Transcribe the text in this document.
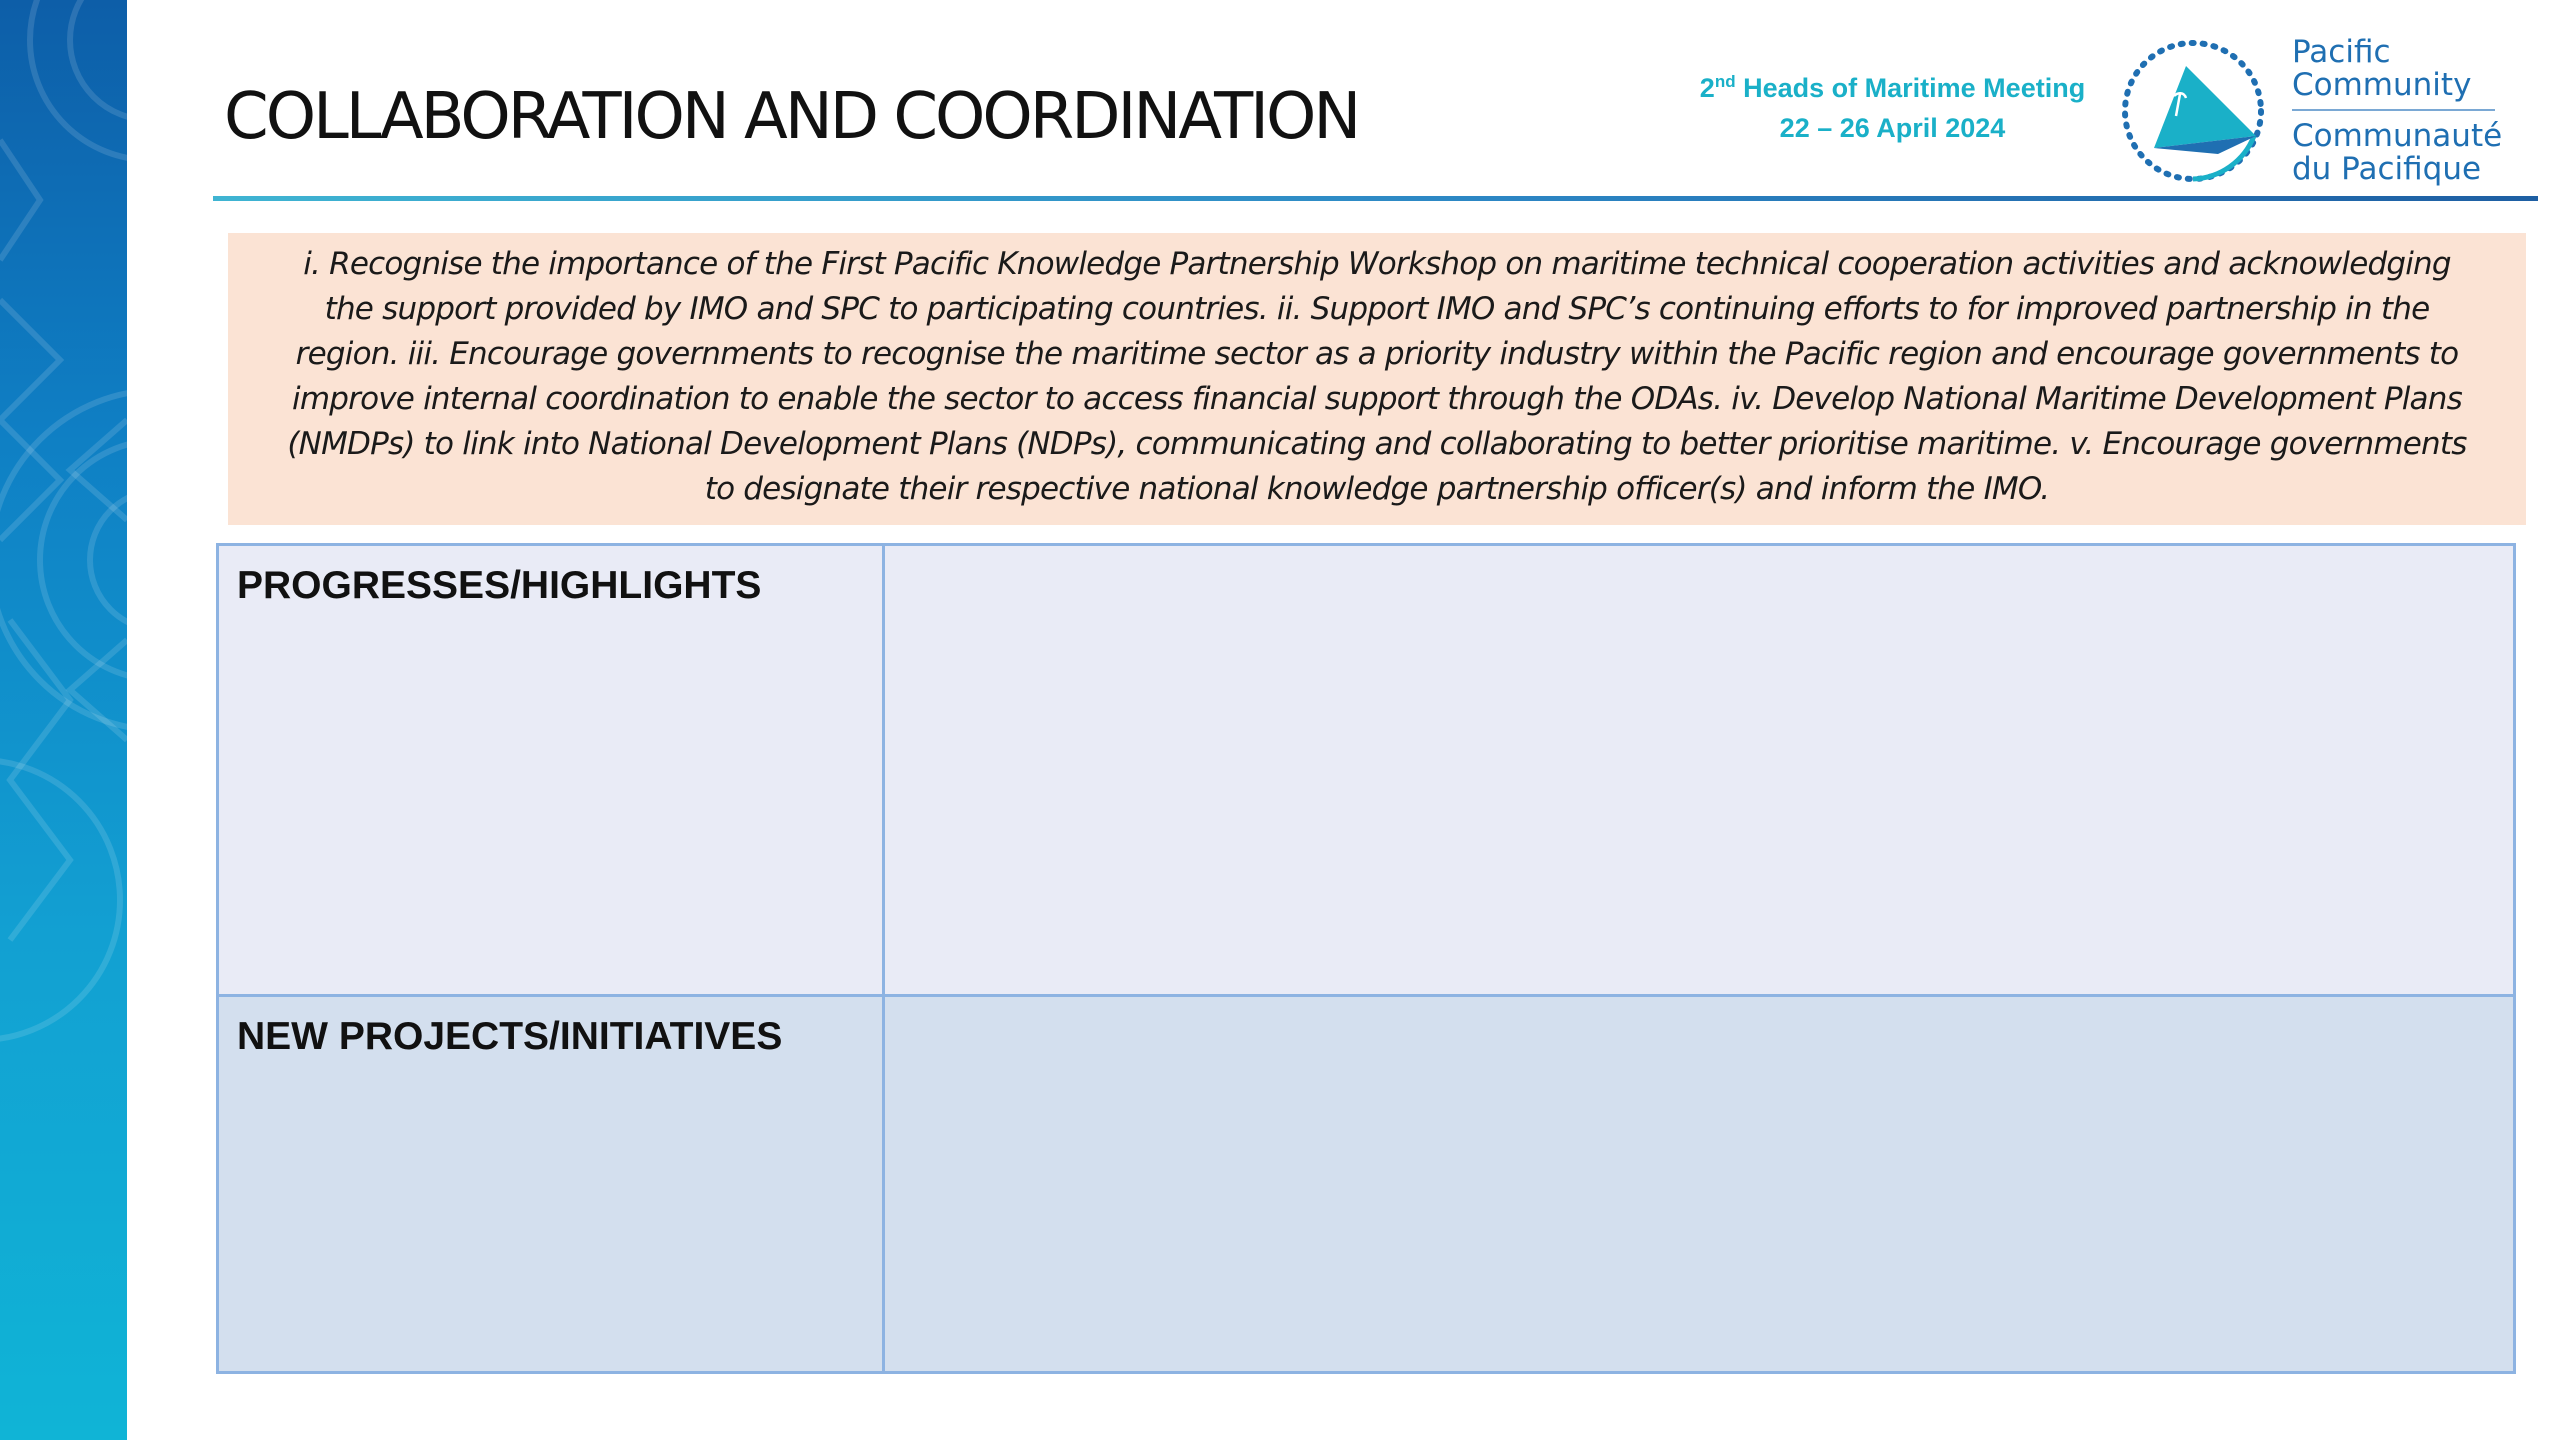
COLLABORATION AND COORDINATION	2nd Heads of Maritime Meeting
22 – 26 April 2024
Pacific
Community
Communauté
du Pacifique
i. Recognise the importance of the First Pacific Knowledge Partnership Workshop on maritime technical cooperation activities and acknowledging
the support provided by IMO and SPC to participating countries. ii. Support IMO and SPC’s continuing efforts to for improved partnership in the
region. iii. Encourage governments to recognise the maritime sector as a priority industry within the Pacific region and encourage governments to
improve internal coordination to enable the sector to access financial support through the ODAs. iv. Develop National Maritime Development Plans
(NMDPs) to link into National Development Plans (NDPs), communicating and collaborating to better prioritise maritime. v. Encourage governments
to designate their respective national knowledge partnership officer(s) and inform the IMO.
PROGRESSES/HIGHLIGHTS	

NEW PROJECTS/INITIATIVES	
